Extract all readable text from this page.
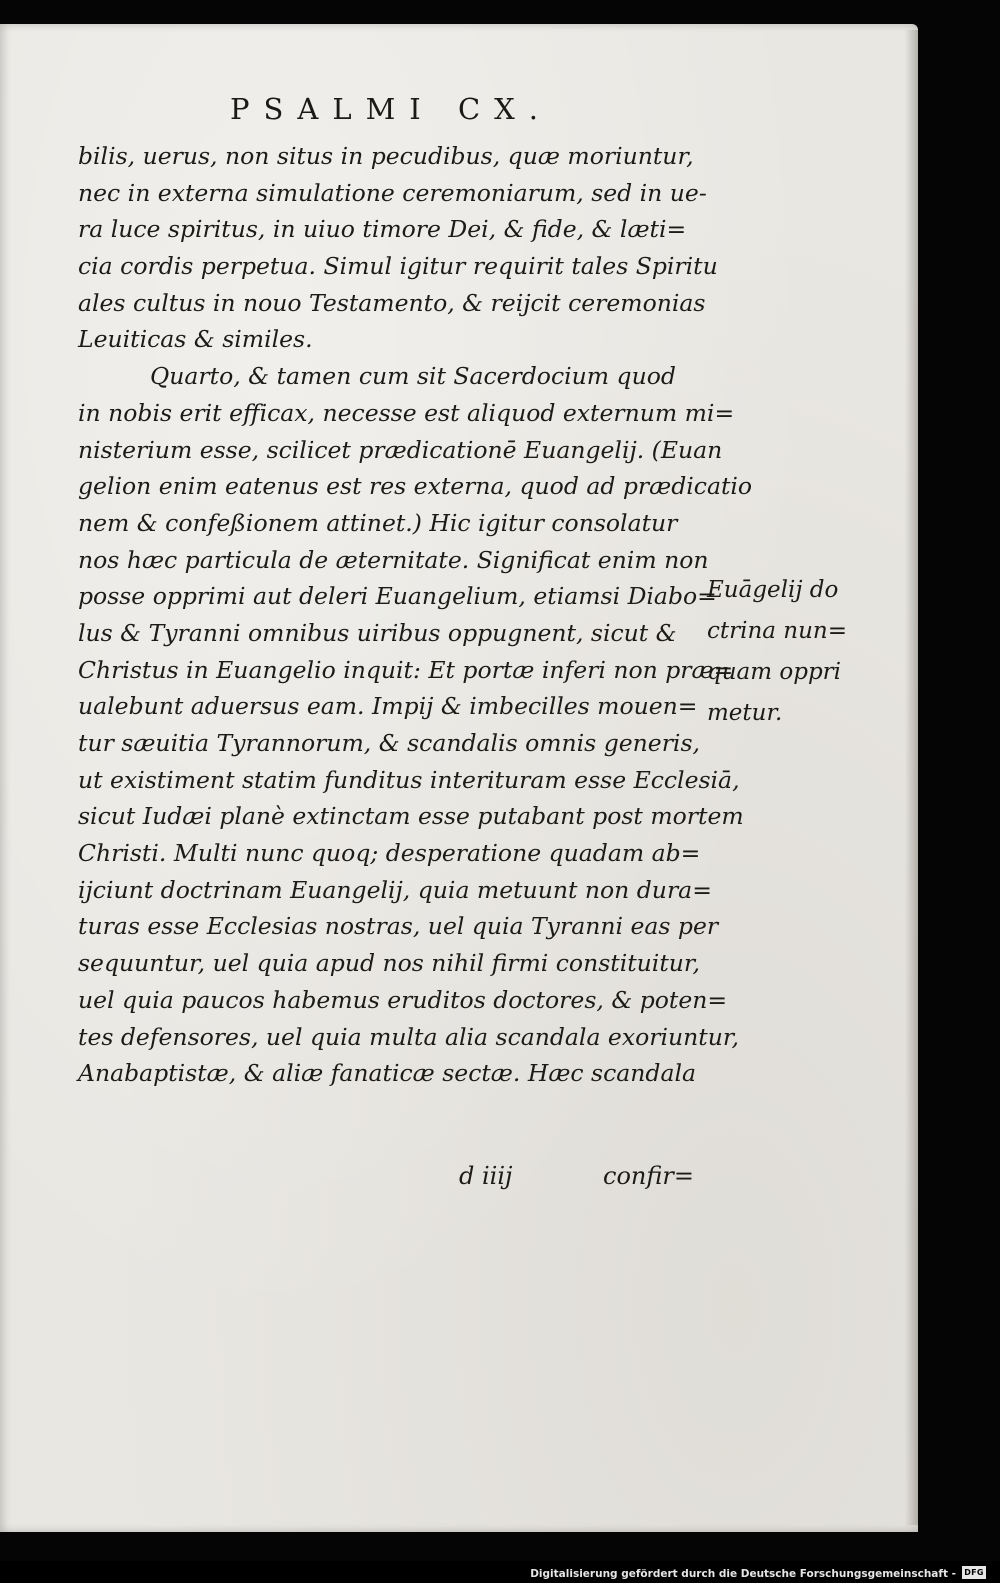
PSALMI CX.
bilis, uerus, non situs in pecudibus, quæ moriuntur,
nec in externa simulatione ceremoniarum, sed in ue-
ra luce spiritus, in uiuo timore Dei, & fide, & læti=
cia cordis perpetua. Simul igitur requirit tales Spiritu
ales cultus in nouo Testamento, & reijcit ceremonias
Leuiticas & similes.
Quarto, & tamen cum sit Sacerdocium quod
in nobis erit efficax, necesse est aliquod externum mi=
nisterium esse, scilicet prædicationē Euangelij. (Euan
gelion enim eatenus est res externa, quod ad prædicatio
nem & confeßionem attinet.) Hic igitur consolatur
nos hæc particula de æternitate. Significat enim non
posse opprimi aut deleri Euangelium, etiamsi Diabo=
lus & Tyranni omnibus uiribus oppugnent, sicut &
Christus in Euangelio inquit: Et portæ inferi non præ=
ualebunt aduersus eam. Impij & imbecilles mouen=
tur sæuitia Tyrannorum, & scandalis omnis generis,
ut existiment statim funditus interituram esse Ecclesiā,
sicut Iudæi planè extinctam esse putabant post mortem
Christi. Multi nunc quoq; desperatione quadam ab=
ijciunt doctrinam Euangelij, quia metuunt non dura=
turas esse Ecclesias nostras, uel quia Tyranni eas per
sequuntur, uel quia apud nos nihil firmi constituitur,
uel quia paucos habemus eruditos doctores, & poten=
tes defensores, uel quia multa alia scandala exoriuntur,
Anabaptistæ, & aliæ fanaticæ sectæ. Hæc scandala
Euāgelij do
ctrina nun=
quam oppri
metur.
d iiij	confir=
Digitalisierung gefördert durch die Deutsche Forschungsgemeinschaft - DFG
